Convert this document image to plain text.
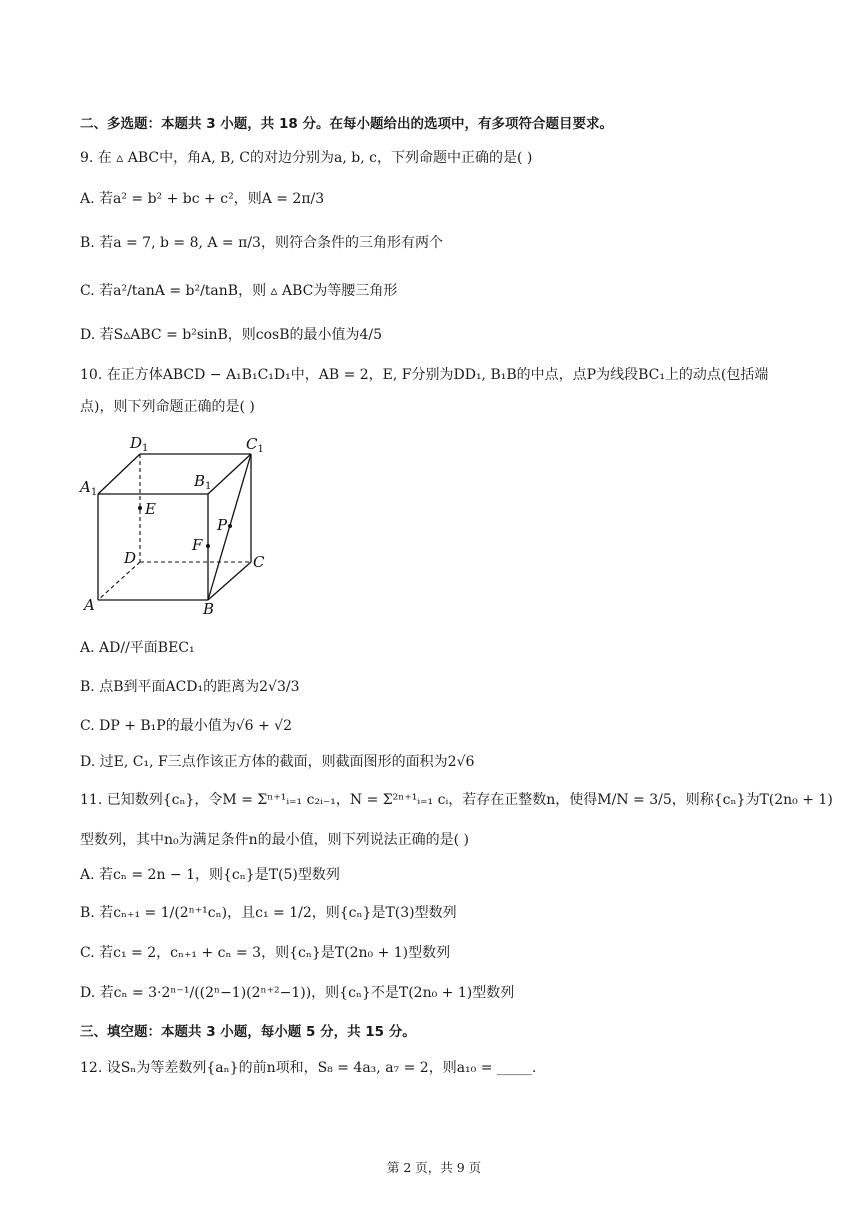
二、多选题：本题共 3 小题，共 18 分。在每小题给出的选项中，有多项符合题目要求。
9. 在 ▵ ABC中，角A, B, C的对边分别为a, b, c，下列命题中正确的是( )
A. 若a² = b² + bc + c²，则A = 2π/3
B. 若a = 7, b = 8, A = π/3，则符合条件的三角形有两个
C. 若a²/tanA = b²/tanB，则 ▵ ABC为等腰三角形
D. 若S▵ABC = b²sinB，则cosB的最小值为4/5
10. 在正方体ABCD − A₁B₁C₁D₁中，AB = 2，E, F分别为DD₁, B₁B的中点，点P为线段BC₁上的动点(包括端
点)，则下列命题正确的是( )
$D_1$	$C_1$
$A_1$
$B_1$
E
F
P
D	C
A	B
A. AD//平面BEC₁
B. 点B到平面ACD₁的距离为2√3/3
C. DP + B₁P的最小值为√6 + √2
D. 过E, C₁, F三点作该正方体的截面，则截面图形的面积为2√6
11. 已知数列{cₙ}，令M = Σⁿ⁺¹ᵢ₌₁ c₂ᵢ₋₁，N = Σ²ⁿ⁺¹ᵢ₌₁ cᵢ，若存在正整数n，使得M/N = 3/5，则称{cₙ}为T(2n₀ + 1)
型数列，其中n₀为满足条件n的最小值，则下列说法正确的是( )
A. 若cₙ = 2n − 1，则{cₙ}是T(5)型数列
B. 若cₙ₊₁ = 1/(2ⁿ⁺¹cₙ)，且c₁ = 1/2，则{cₙ}是T(3)型数列
C. 若c₁ = 2，cₙ₊₁ + cₙ = 3，则{cₙ}是T(2n₀ + 1)型数列
D. 若cₙ = 3·2ⁿ⁻¹/((2ⁿ−1)(2ⁿ⁺²−1))，则{cₙ}不是T(2n₀ + 1)型数列
三、填空题：本题共 3 小题，每小题 5 分，共 15 分。
12. 设Sₙ为等差数列{aₙ}的前n项和，S₈ = 4a₃, a₇ = 2，则a₁₀ = _____.
第 2 页，共 9 页
